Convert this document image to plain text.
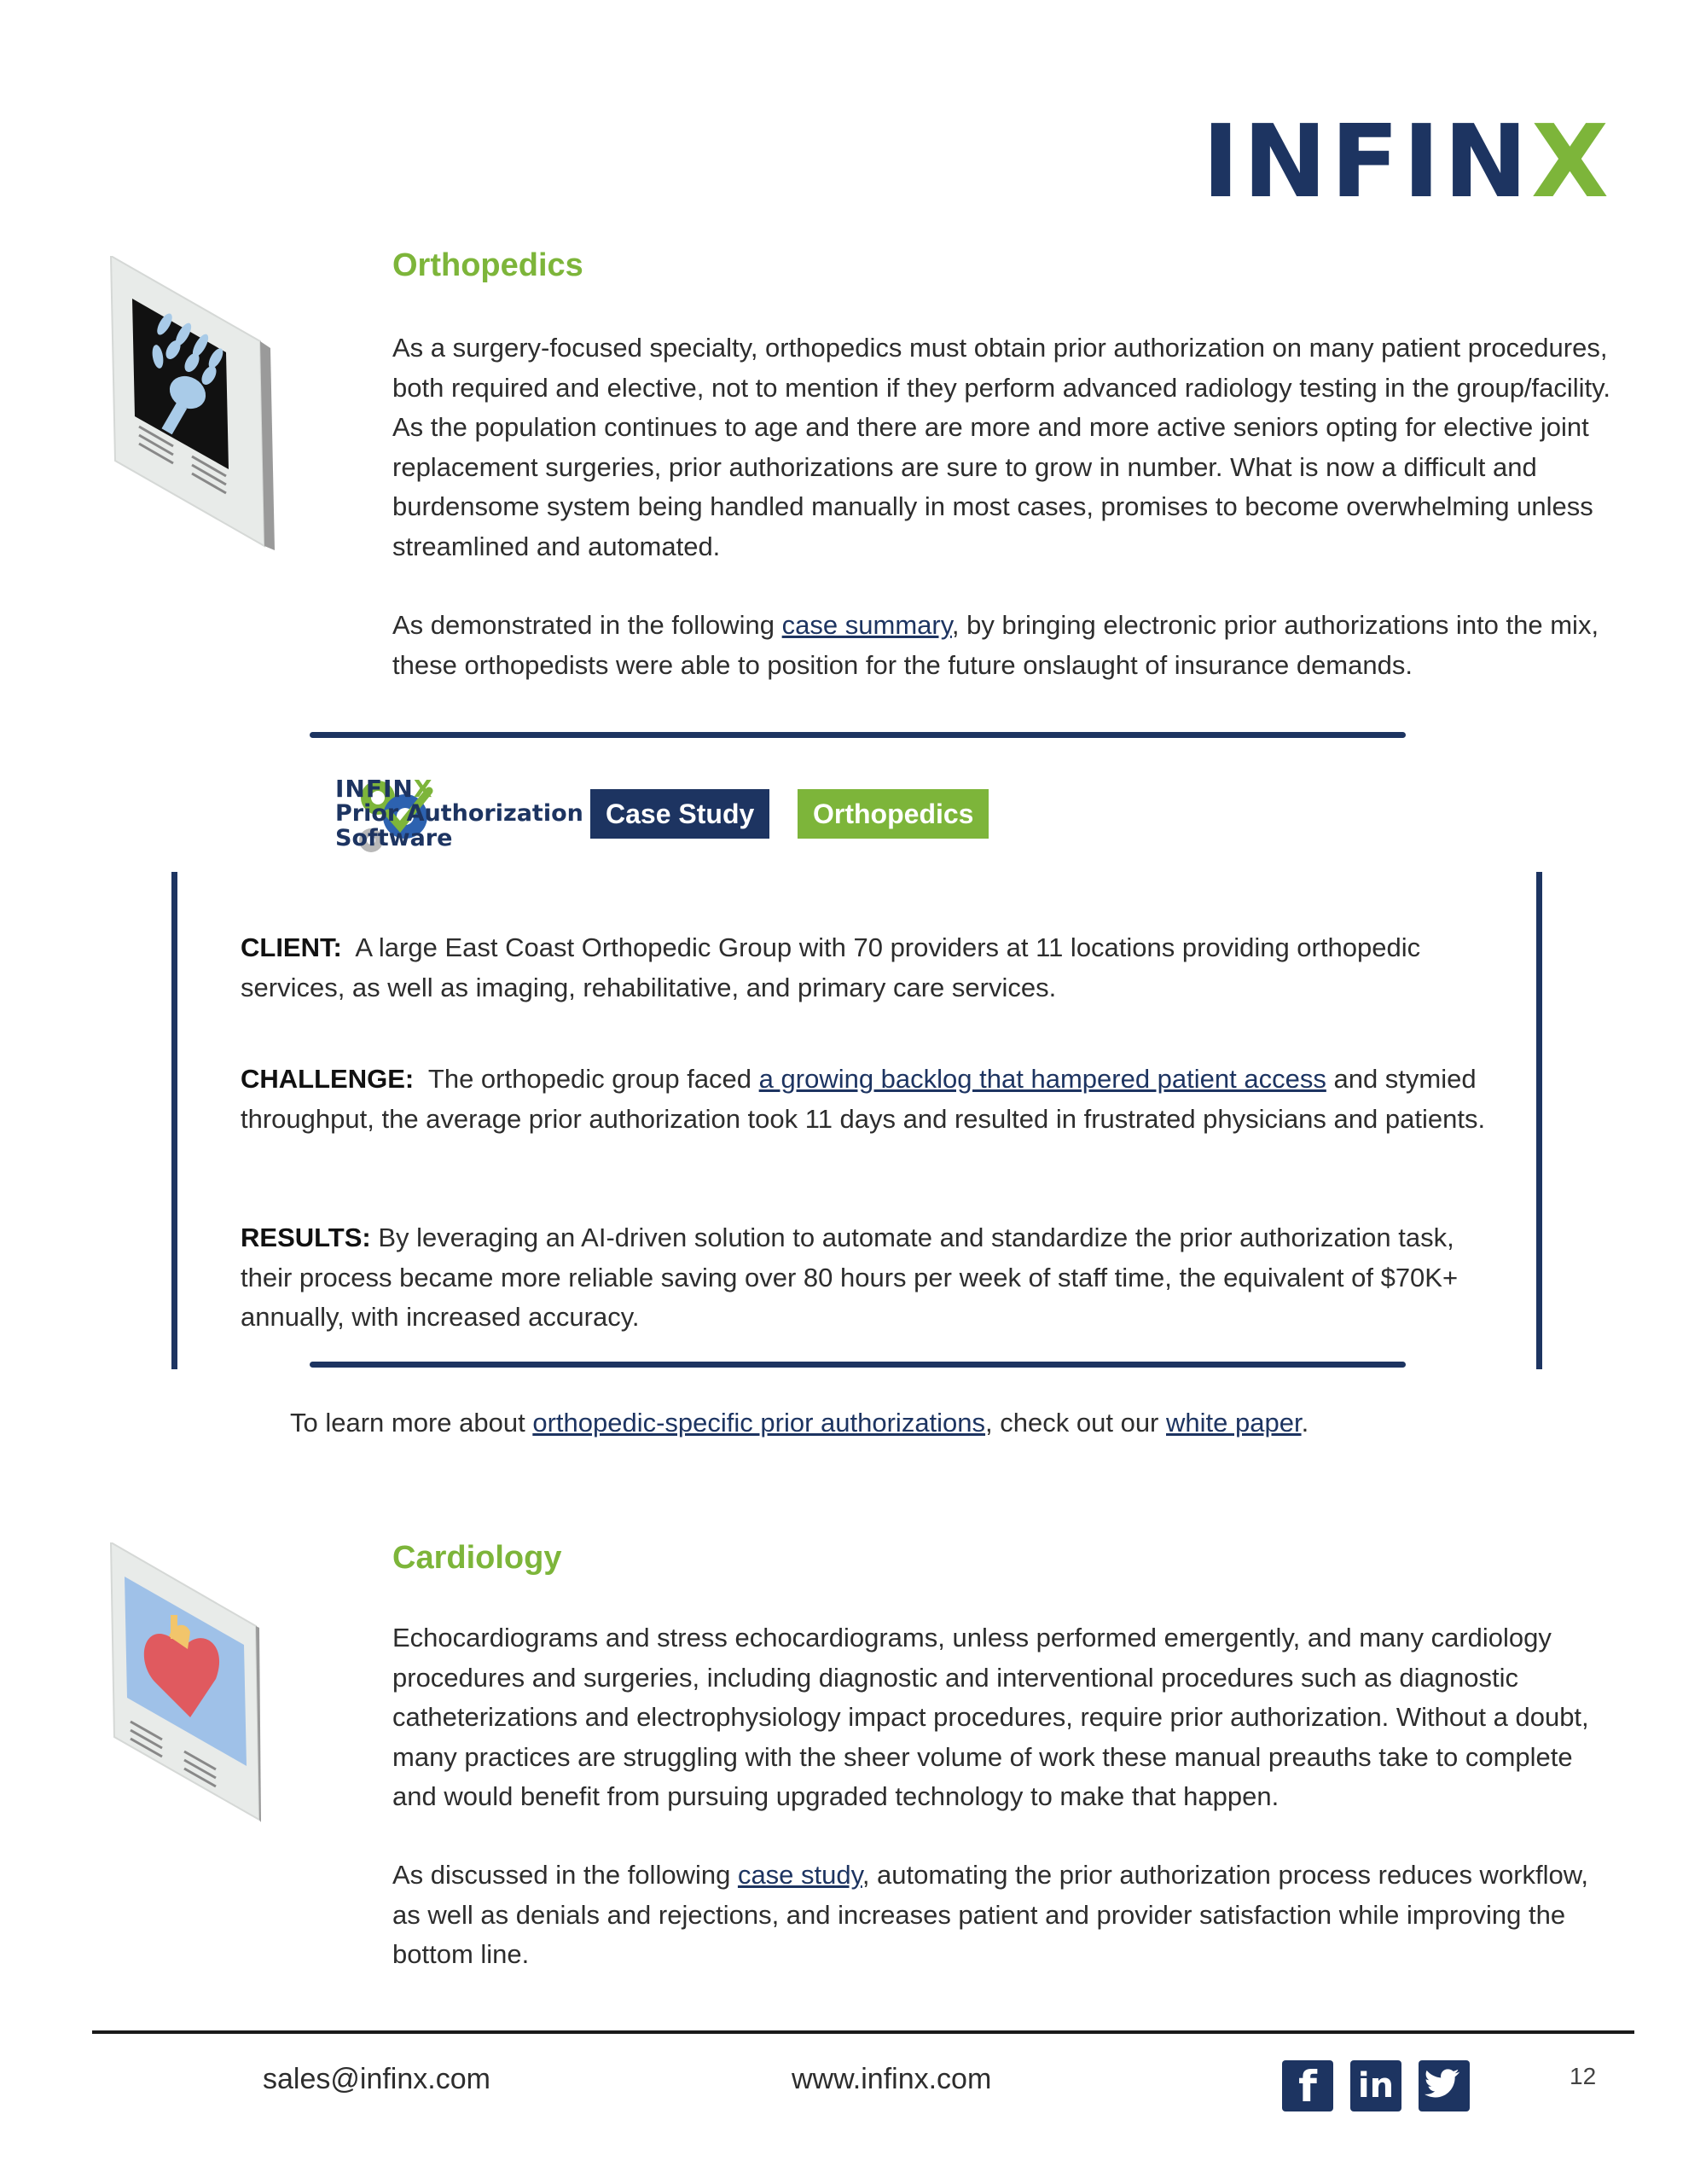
INFINX
Orthopedics

As a surgery-focused specialty, orthopedics must obtain prior authorization on many patient procedures, both required and elective, not to mention if they perform advanced radiology testing in the group/facility. As the population continues to age and there are more and more active seniors opting for elective joint replacement surgeries, prior authorizations are sure to grow in number. What is now a difficult and burdensome system being handled manually in most cases, promises to become overwhelming unless streamlined and automated.

As demonstrated in the following case summary, by bringing electronic prior authorizations into the mix, these orthopedists were able to position for the future onslaught of insurance demands.

INFINX
Prior Authorization
Software
Case Study	Orthopedics

CLIENT: A large East Coast Orthopedic Group with 70 providers at 11 locations providing orthopedic services, as well as imaging, rehabilitative, and primary care services.

CHALLENGE: The orthopedic group faced a growing backlog that hampered patient access and stymied throughput, the average prior authorization took 11 days and resulted in frustrated physicians and patients.

RESULTS: By leveraging an AI-driven solution to automate and standardize the prior authorization task, their process became more reliable saving over 80 hours per week of staff time, the equivalent of $70K+ annually, with increased accuracy.

To learn more about orthopedic-specific prior authorizations, check out our white paper.
Cardiology

Echocardiograms and stress echocardiograms, unless performed emergently, and many cardiology procedures and surgeries, including diagnostic and interventional procedures such as diagnostic catheterizations and electrophysiology impact procedures, require prior authorization. Without a doubt, many practices are struggling with the sheer volume of work these manual preauths take to complete and would benefit from pursuing upgraded technology to make that happen.

As discussed in the following case study, automating the prior authorization process reduces workflow, as well as denials and rejections, and increases patient and provider satisfaction while improving the bottom line.

sales@infinx.com	www.infinx.com	f	in	12
